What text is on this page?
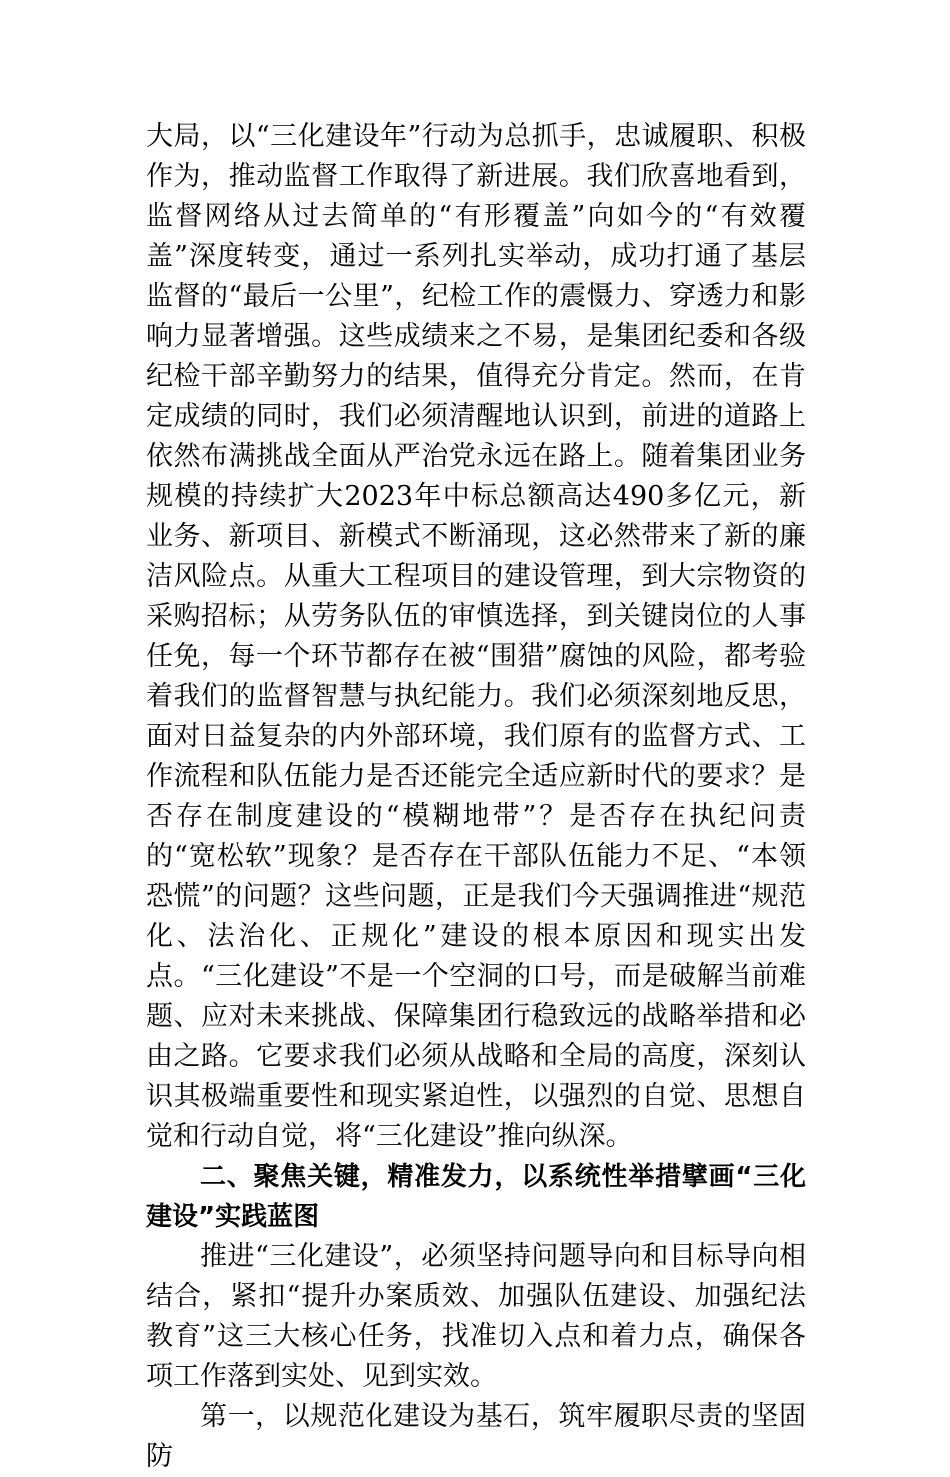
大局，以“三化建设年”行动为总抓手，忠诚履职、积极作为，推动监督工作取得了新进展。我们欣喜地看到，监督网络从过去简单的“有形覆盖”向如今的“有效覆盖”深度转变，通过一系列扎实举动，成功打通了基层监督的“最后一公里”，纪检工作的震慑力、穿透力和影响力显著增强。这些成绩来之不易，是集团纪委和各级纪检干部辛勤努力的结果，值得充分肯定。然而，在肯定成绩的同时，我们必须清醒地认识到，前进的道路上依然布满挑战全面从严治党永远在路上。随着集团业务规模的持续扩大2023年中标总额高达490多亿元，新业务、新项目、新模式不断涌现，这必然带来了新的廉洁风险点。从重大工程项目的建设管理，到大宗物资的采购招标；从劳务队伍的审慎选择，到关键岗位的人事任免，每一个环节都存在被“围猎”腐蚀的风险，都考验着我们的监督智慧与执纪能力。我们必须深刻地反思，面对日益复杂的内外部环境，我们原有的监督方式、工作流程和队伍能力是否还能完全适应新时代的要求？是否存在制度建设的“模糊地带”？是否存在执纪问责的“宽松软”现象？是否存在干部队伍能力不足、“本领恐慌”的问题？这些问题，正是我们今天强调推进“规范化、法治化、正规化”建设的根本原因和现实出发点。“三化建设”不是一个空洞的口号，而是破解当前难题、应对未来挑战、保障集团行稳致远的战略举措和必由之路。它要求我们必须从战略和全局的高度，深刻认识其极端重要性和现实紧迫性，以强烈的自觉、思想自觉和行动自觉，将“三化建设”推向纵深。

二、聚焦关键，精准发力，以系统性举措擘画“三化建设”实践蓝图

推进“三化建设”，必须坚持问题导向和目标导向相结合，紧扣“提升办案质效、加强队伍建设、加强纪法教育”这三大核心任务，找准切入点和着力点，确保各项工作落到实处、见到实效。

第一，以规范化建设为基石，筑牢履职尽责的坚固防
